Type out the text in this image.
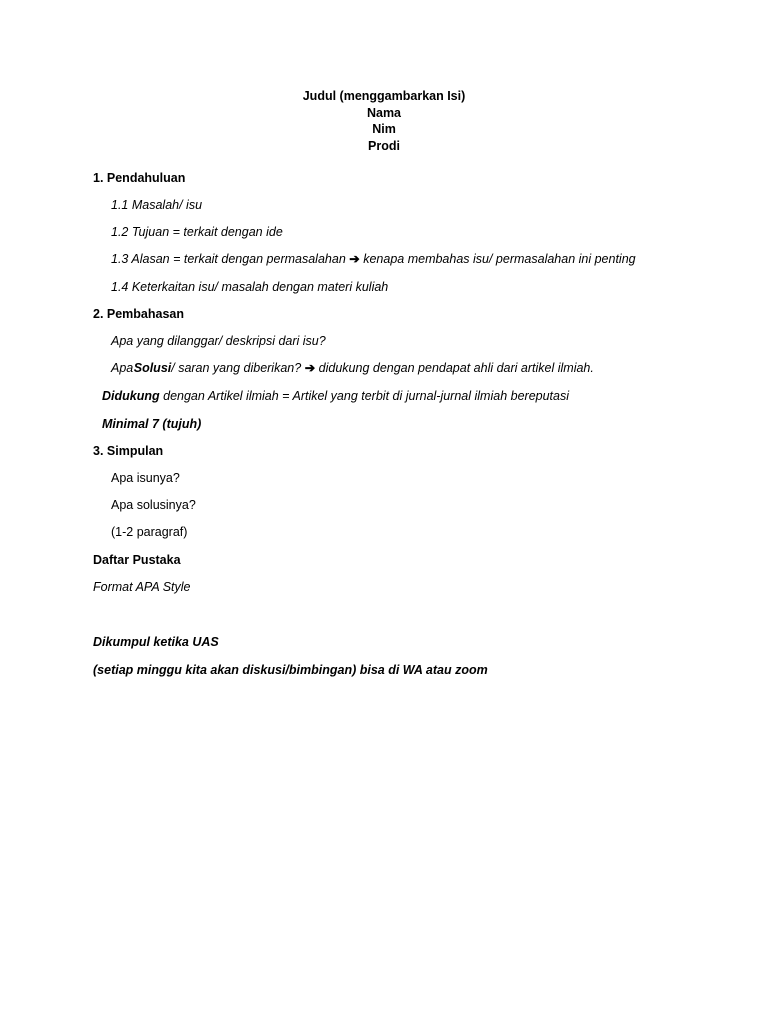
Judul (menggambarkan Isi)
Nama
Nim
Prodi
1. Pendahuluan
1.1 Masalah/ isu
1.2 Tujuan = terkait dengan ide
1.3 Alasan = terkait dengan permasalahan ➔ kenapa membahas isu/ permasalahan ini penting
1.4 Keterkaitan isu/ masalah dengan materi kuliah
2. Pembahasan
Apa yang dilanggar/ deskripsi dari isu?
Apa Solusi/ saran yang diberikan? ➔ didukung dengan pendapat ahli dari artikel ilmiah.
Didukung dengan Artikel ilmiah = Artikel yang terbit di jurnal-jurnal ilmiah bereputasi
Minimal 7 (tujuh)
3. Simpulan
Apa isunya?
Apa solusinya?
(1-2 paragraf)
Daftar Pustaka
Format APA Style
Dikumpul ketika UAS
(setiap minggu kita akan diskusi/bimbingan) bisa di WA atau zoom
